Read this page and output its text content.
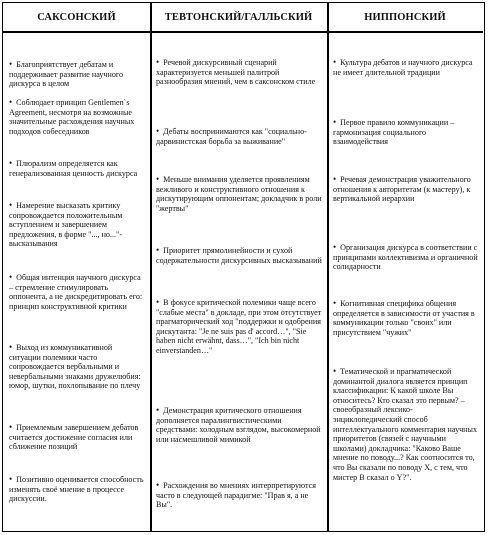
САКСОНСКИЙ	ТЕВТОНСКИЙ/ГАЛЛЬСКИЙ	НИППОНСКИЙ

• Благоприятствует дебатам и поддерживает развитие научного дискурса в целом

• Соблюдает принцип Gentlemen`s Agreement, несмотря на возможные значительные расхождения научных подходов собеседников

• Плюрализм определяется как генерализованная ценность дискурса

• Намерение высказать критику сопровождается положительным вступлением и завершением предложения, в форме "..., но..."- высказывания

• Общая интенция научного дискурса – стремление стимулировать оппонента, а не дискредитировать его: принцип конструктивной критики

• Выход из коммуникативной ситуации полемики часто сопровождается вербальными и невербальными знаками дружелюбия: юмор, шутки, похлопывание по плечу

• Приемлемым завершением дебатов считается достижение согласия или сближение позиций

• Позитивно оценивается способность изменять своё мнение в процессе дискуссии.

• Речевой дискурсивный сценарий характеризуется меньшей палитрой разнообразия мнений, чем в саксонском стиле

• Дебаты воспринимаются как "социально-дарвинистская борьба за выживание"

• Меньше внимания уделяется проявлениям вежливого и конструктивного отношения к дискутирующим оппонентам; докладчик в роли "жертвы"

• Приоритет прямолинейности и сухой содержательности дискурсивных высказываний

• В фокусе критической полемики чаще всего "слабые места" в докладе, при этом отсутствует прагматорический ход "поддержки и одобрения дискутанта: "Je ne suis pas d' accord…", "Sie haben nicht erwähnt, dass…", "Ich bin nicht einverstanden…"

• Демонстрация критического отношения дополняется паралингвистическими средствами: холодным взглядом, высокомерной или насмешливой мимикой

• Расхождения во мнениях интерпретируются часто в следующей парадигме: "Прав я, а не Вы".

• Культура дебатов и научного дискурса не имеет длительной традиции

• Первое правило коммуникации – гармонизация социального взаимодействия

• Речевая демонстрация уважительного отношения к авторитетам (к мастеру), к вертикальной иерархии

• Организация дискурса в соответствии с принципами коллективизма и органичной солидарности

• Когнитивная специфика общения определяется в зависимости от участия в коммуникации только "своих" или присутствием "чужих"

• Тематической и прагматической доминантой диалога является принцип классификации: К какой школе Вы относитесь? Кто сказал это первым? – своеобразный лексико-энциклопедический способ интеллектуального комментария научных приоритетов (связей с научными школами) докладчика: "Каково Ваше мнение по поводу...? Как соотносится то, что Вы сказали по поводу X, с тем, что мистер В сказал о Y?".
